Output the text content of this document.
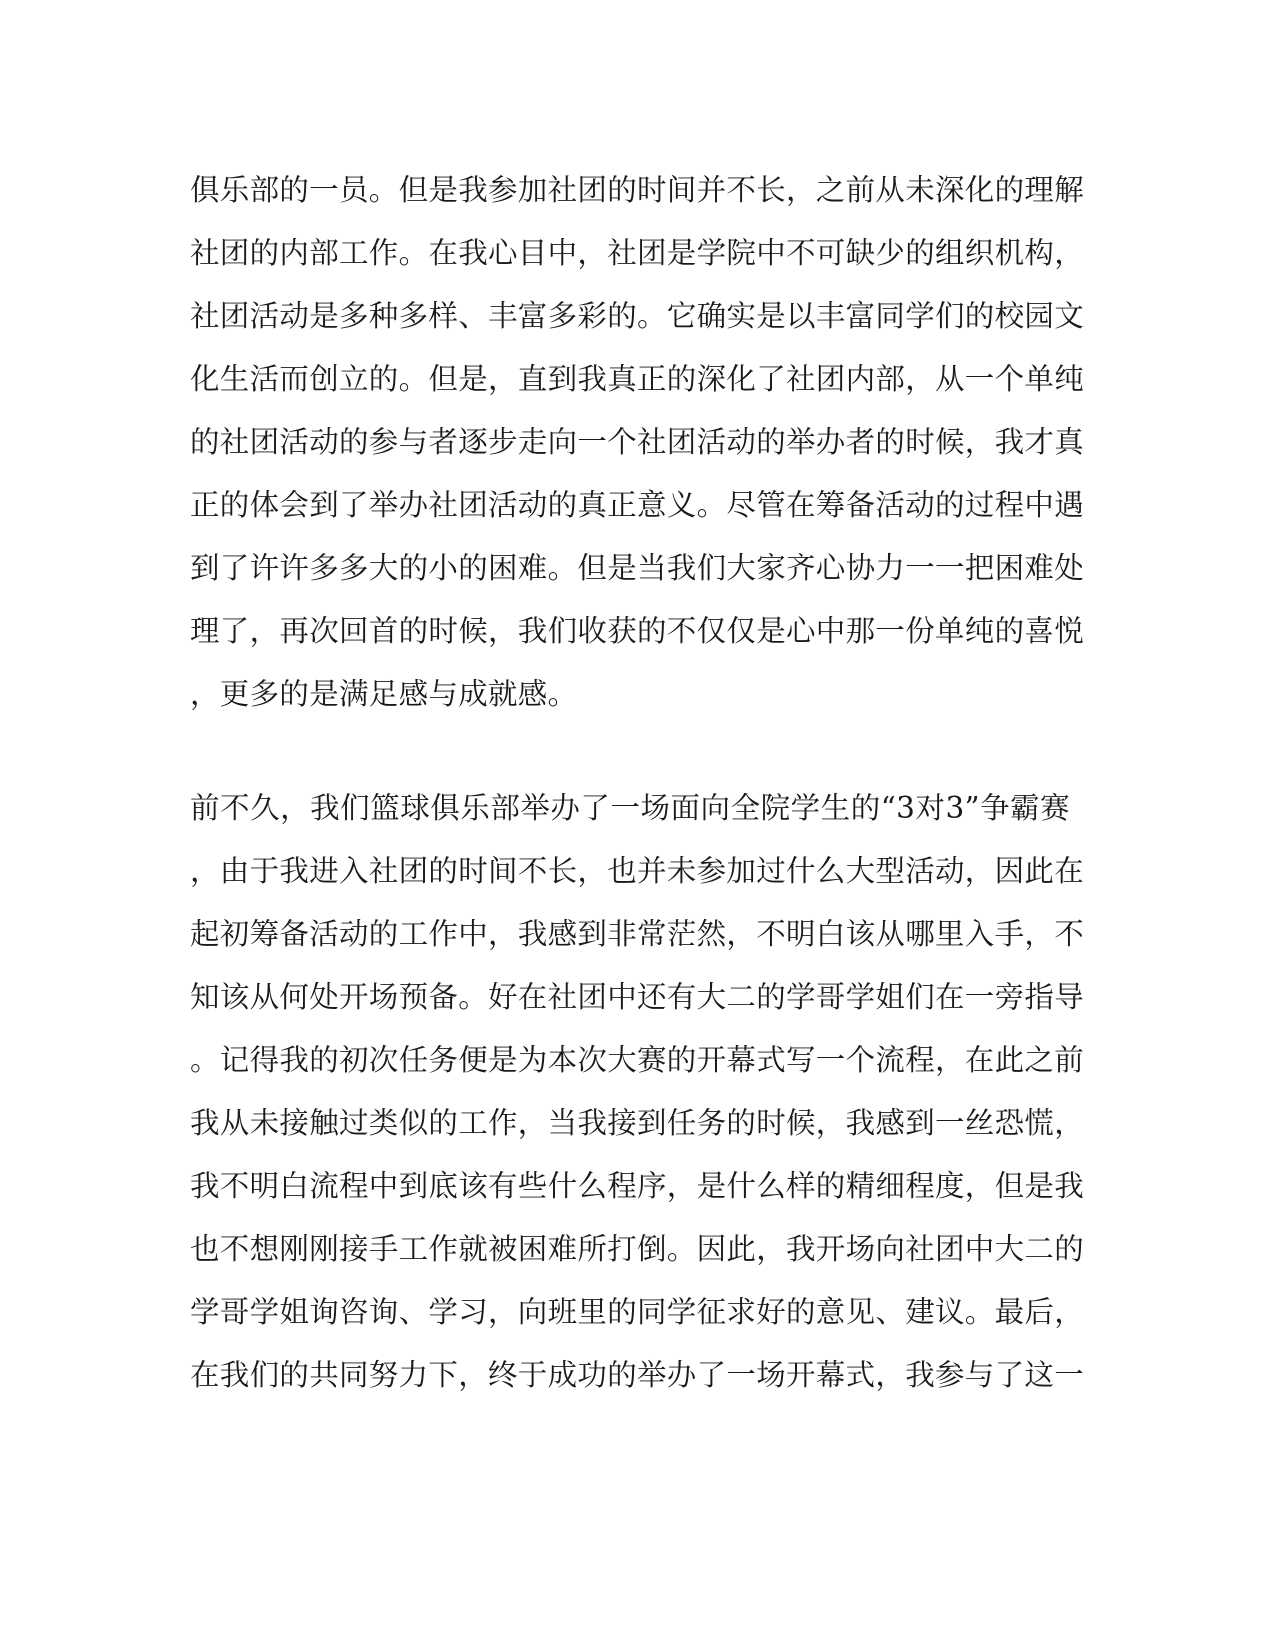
俱乐部的一员。但是我参加社团的时间并不长，之前从未深化的理解
社团的内部工作。在我心目中，社团是学院中不可缺少的组织机构，
社团活动是多种多样、丰富多彩的。它确实是以丰富同学们的校园文
化生活而创立的。但是，直到我真正的深化了社团内部，从一个单纯
的社团活动的参与者逐步走向一个社团活动的举办者的时候，我才真
正的体会到了举办社团活动的真正意义。尽管在筹备活动的过程中遇
到了许许多多大的小的困难。但是当我们大家齐心协力一一把困难处
理了，再次回首的时候，我们收获的不仅仅是心中那一份单纯的喜悦
，更多的是满足感与成就感。
前不久，我们篮球俱乐部举办了一场面向全院学生的“3对3”争霸赛
，由于我进入社团的时间不长，也并未参加过什么大型活动，因此在
起初筹备活动的工作中，我感到非常茫然，不明白该从哪里入手，不
知该从何处开场预备。好在社团中还有大二的学哥学姐们在一旁指导
。记得我的初次任务便是为本次大赛的开幕式写一个流程，在此之前
我从未接触过类似的工作，当我接到任务的时候，我感到一丝恐慌，
我不明白流程中到底该有些什么程序，是什么样的精细程度，但是我
也不想刚刚接手工作就被困难所打倒。因此，我开场向社团中大二的
学哥学姐询咨询、学习，向班里的同学征求好的意见、建议。最后，
在我们的共同努力下，终于成功的举办了一场开幕式，我参与了这一
